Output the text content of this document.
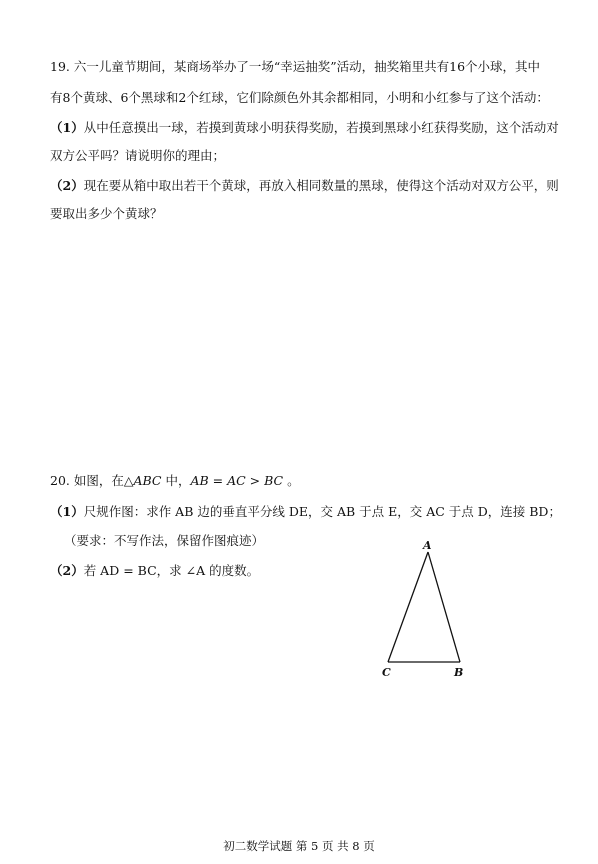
19. 六一儿童节期间，某商场举办了一场“幸运抽奖”活动，抽奖箱里共有16个小球，其中
有8个黄球、6个黑球和2个红球，它们除颜色外其余都相同，小明和小红参与了这个活动：
（1）从中任意摸出一球，若摸到黄球小明获得奖励，若摸到黑球小红获得奖励，这个活动对
双方公平吗？请说明你的理由；
（2）现在要从箱中取出若干个黄球，再放入相同数量的黑球，使得这个活动对双方公平，则
要取出多少个黄球？
20. 如图，在△ABC 中，AB = AC > BC 。
（1）尺规作图：求作 AB 边的垂直平分线 DE，交 AB 于点 E，交 AC 于点 D，连接 BD；
（要求：不写作法，保留作图痕迹）
（2）若 AD = BC，求 ∠A 的度数。
A
C	B
初二数学试题 第 5 页 共 8 页
